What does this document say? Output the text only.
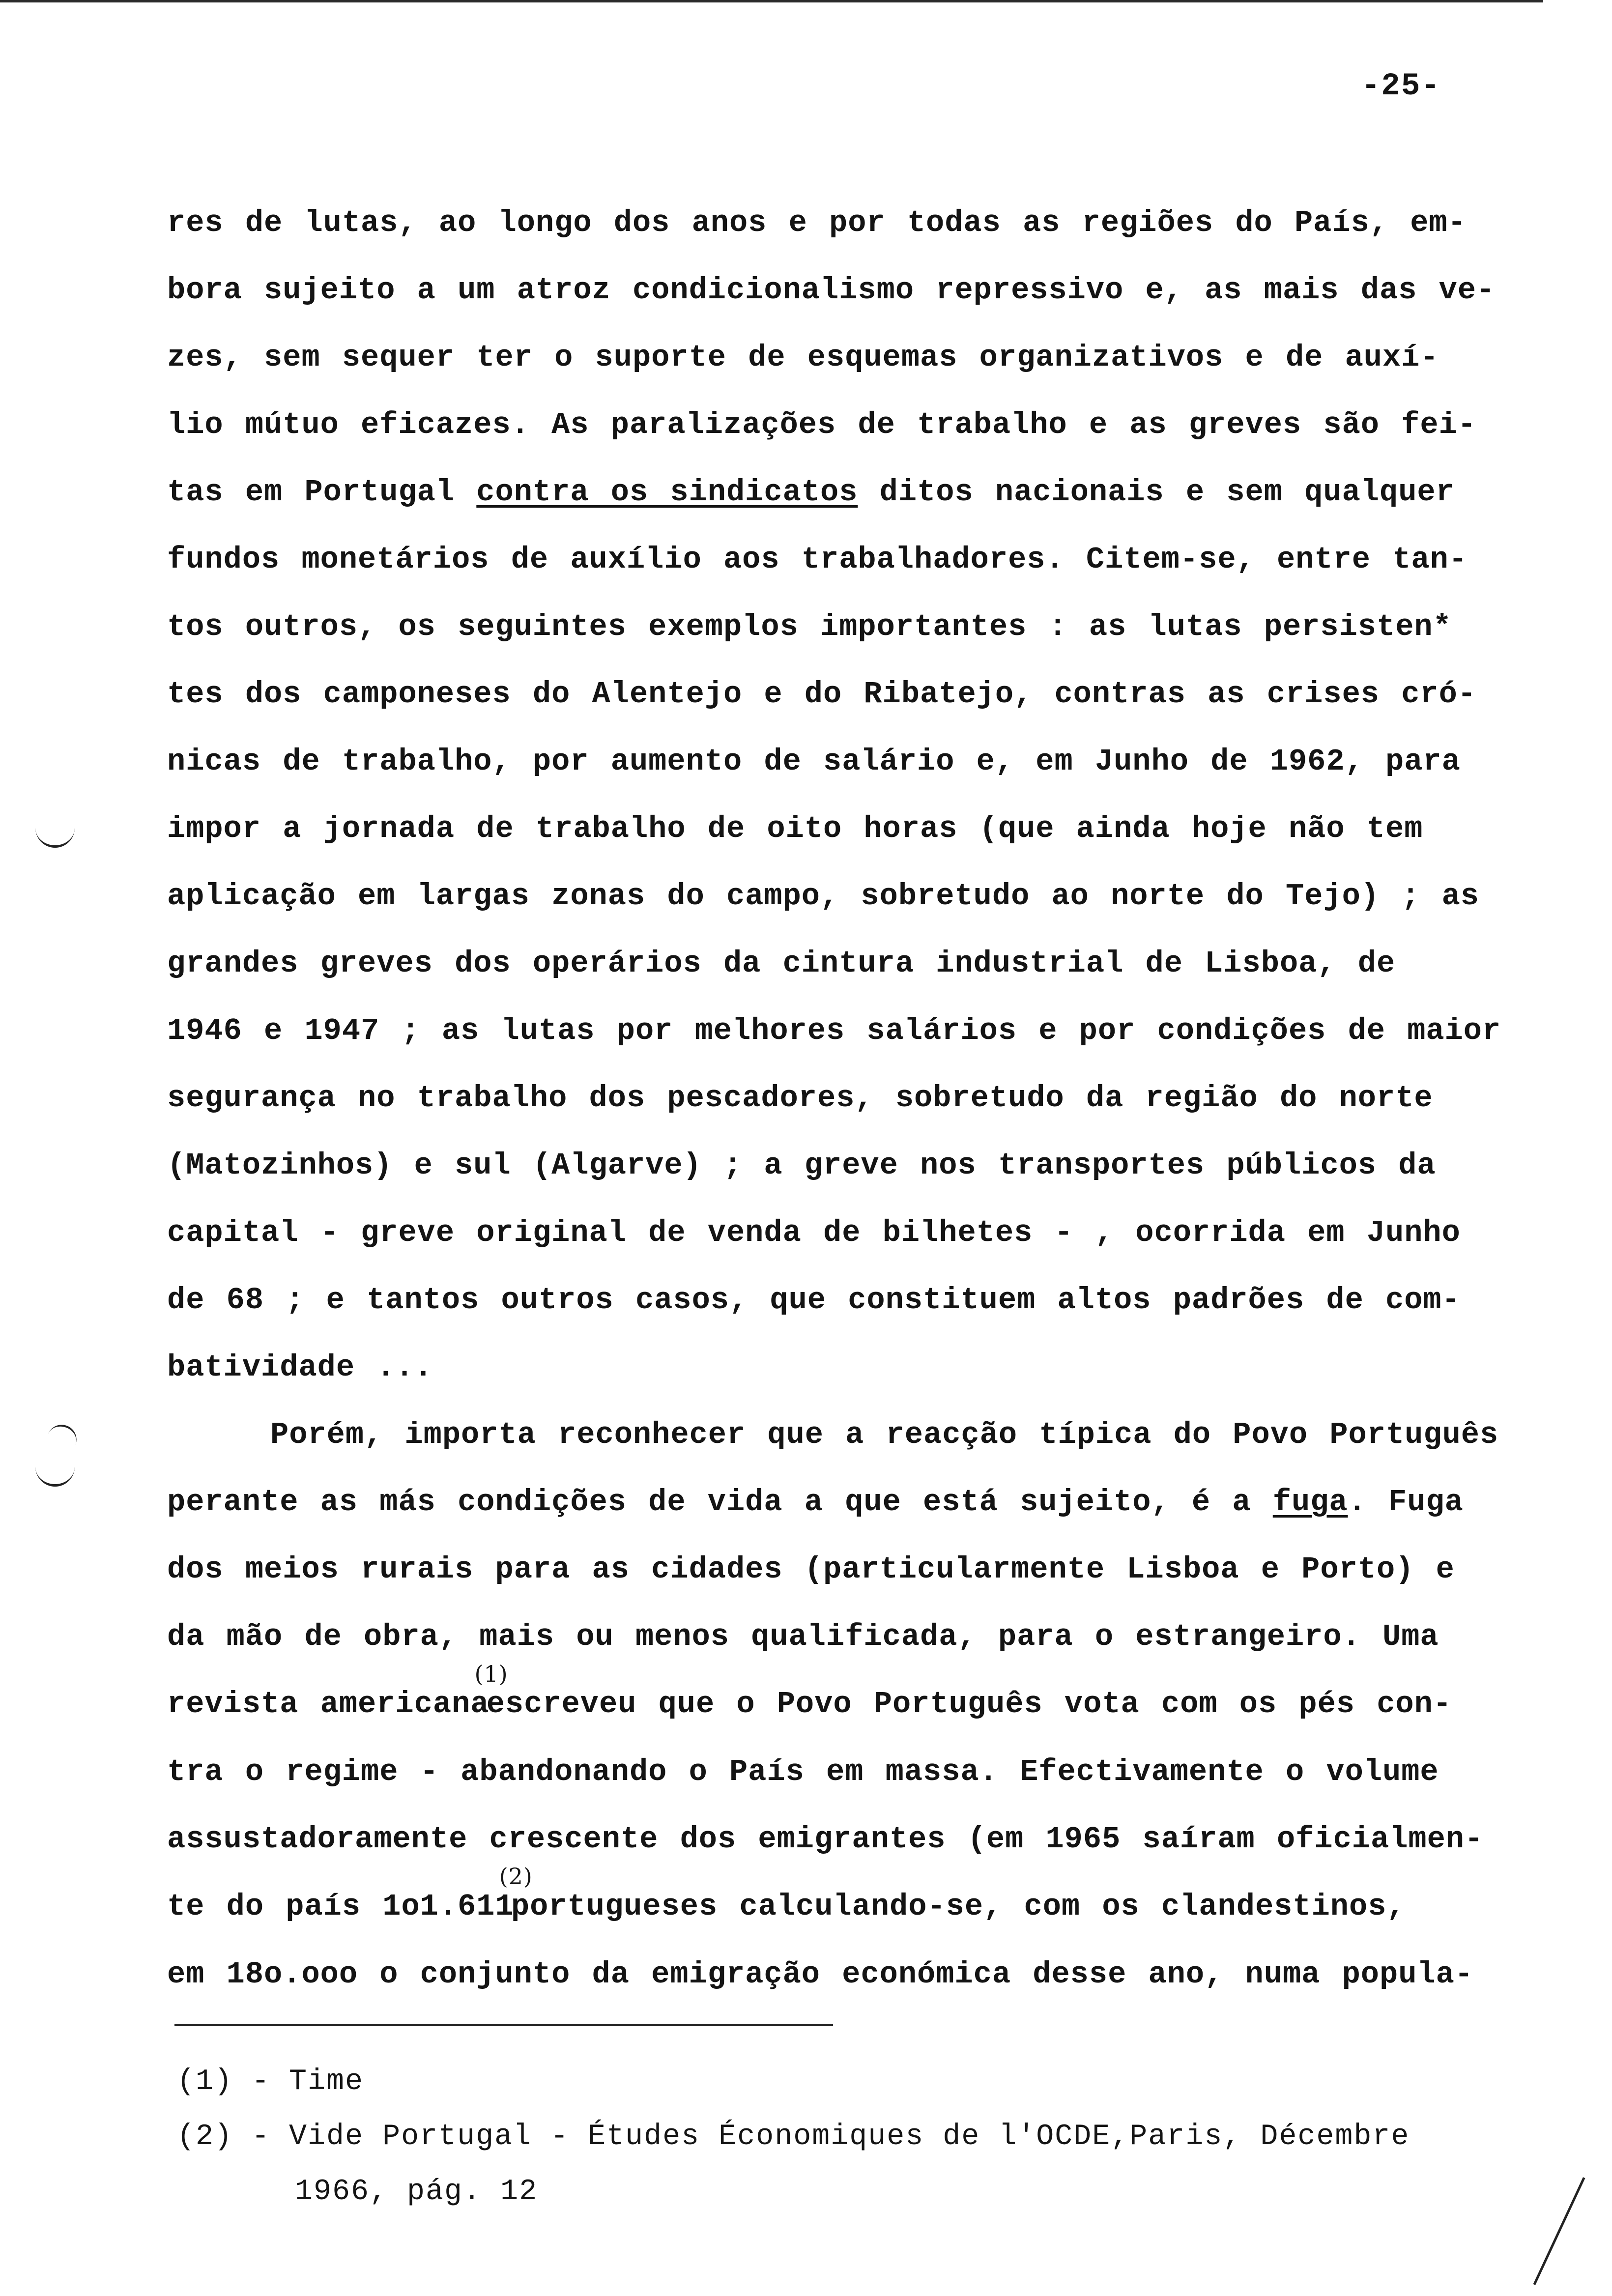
-25-
res de lutas, ao longo dos anos e por todas as regiões do País, em-
bora sujeito a um atroz condicionalismo repressivo e, as mais das ve-
zes, sem sequer ter o suporte de esquemas organizativos e de auxí-
lio mútuo eficazes. As paralizações de trabalho e as greves são fei-
tas em Portugal contra os sindicatos ditos nacionais e sem qualquer
fundos monetários de auxílio aos trabalhadores. Citem-se, entre tan-
tos outros, os seguintes exemplos importantes : as lutas persisten*
tes dos camponeses do Alentejo e do Ribatejo, contras as crises cró-
nicas de trabalho, por aumento de salário e, em Junho de 1962, para
impor a jornada de trabalho de oito horas (que ainda hoje não tem
aplicação em largas zonas do campo, sobretudo ao norte do Tejo) ; as
grandes greves dos operários da cintura industrial de Lisboa, de
1946 e 1947 ; as lutas por melhores salários e por condições de maior
segurança no trabalho dos pescadores, sobretudo da região do norte
(Matozinhos) e sul (Algarve) ; a greve nos transportes públicos da
capital - greve original de venda de bilhetes - , ocorrida em Junho
de 68 ; e tantos outros casos, que constituem altos padrões de com-
batividade ...
Porém, importa reconhecer que a reacção típica do Povo Português
perante as más condições de vida a que está sujeito, é a fuga. Fuga
dos meios rurais para as cidades (particularmente Lisboa e Porto) e
da mão de obra, mais ou menos qualificada, para o estrangeiro. Uma
revista americana(1) escreveu que o Povo Português vota com os pés con-
tra o regime - abandonando o País em massa. Efectivamente o volume
assustadoramente crescente dos emigrantes (em 1965 saíram oficialmen-
te do país 1o1.611(2) portugueses calculando-se, com os clandestinos,
em 18o.ooo o conjunto da emigração económica desse ano, numa popula-
(1) - Time
(2) - Vide Portugal - Études Économiques de l'OCDE,Paris, Décembre
1966, pág. 12
